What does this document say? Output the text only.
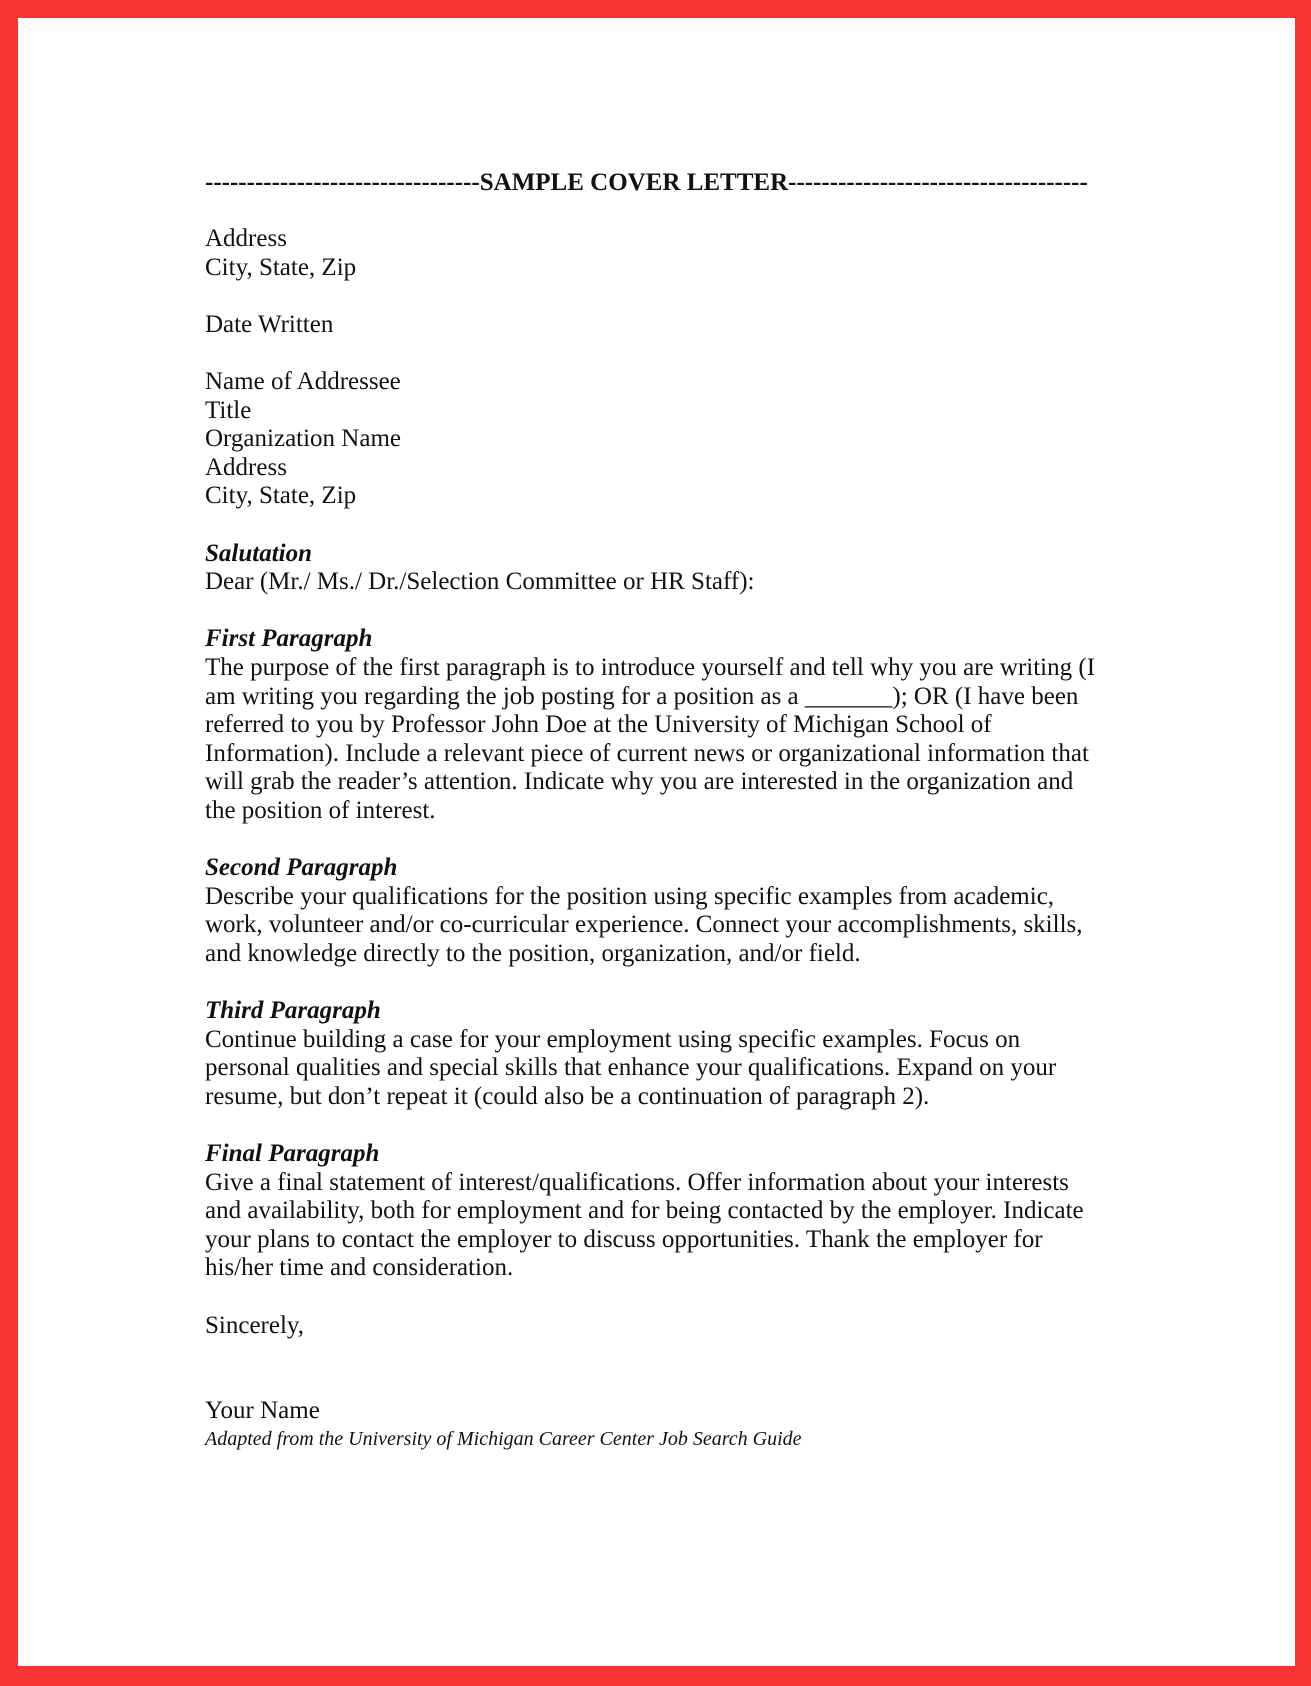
---------------------------------SAMPLE COVER LETTER------------------------------------
Address
City, State, Zip
Date Written
Name of Addressee
Title
Organization Name
Address
City, State, Zip
Salutation
Dear (Mr./ Ms./ Dr./Selection Committee or HR Staff):
First Paragraph
The purpose of the first paragraph is to introduce yourself and tell why you are writing (I
am writing you regarding the job posting for a position as a _______); OR (I have been
referred to you by Professor John Doe at the University of Michigan School of
Information). Include a relevant piece of current news or organizational information that
will grab the reader’s attention. Indicate why you are interested in the organization and
the position of interest.
Second Paragraph
Describe your qualifications for the position using specific examples from academic,
work, volunteer and/or co-curricular experience. Connect your accomplishments, skills,
and knowledge directly to the position, organization, and/or field.
Third Paragraph
Continue building a case for your employment using specific examples. Focus on
personal qualities and special skills that enhance your qualifications. Expand on your
resume, but don’t repeat it (could also be a continuation of paragraph 2).
Final Paragraph
Give a final statement of interest/qualifications. Offer information about your interests
and availability, both for employment and for being contacted by the employer. Indicate
your plans to contact the employer to discuss opportunities. Thank the employer for
his/her time and consideration.
Sincerely,
Your Name
Adapted from the University of Michigan Career Center Job Search Guide
